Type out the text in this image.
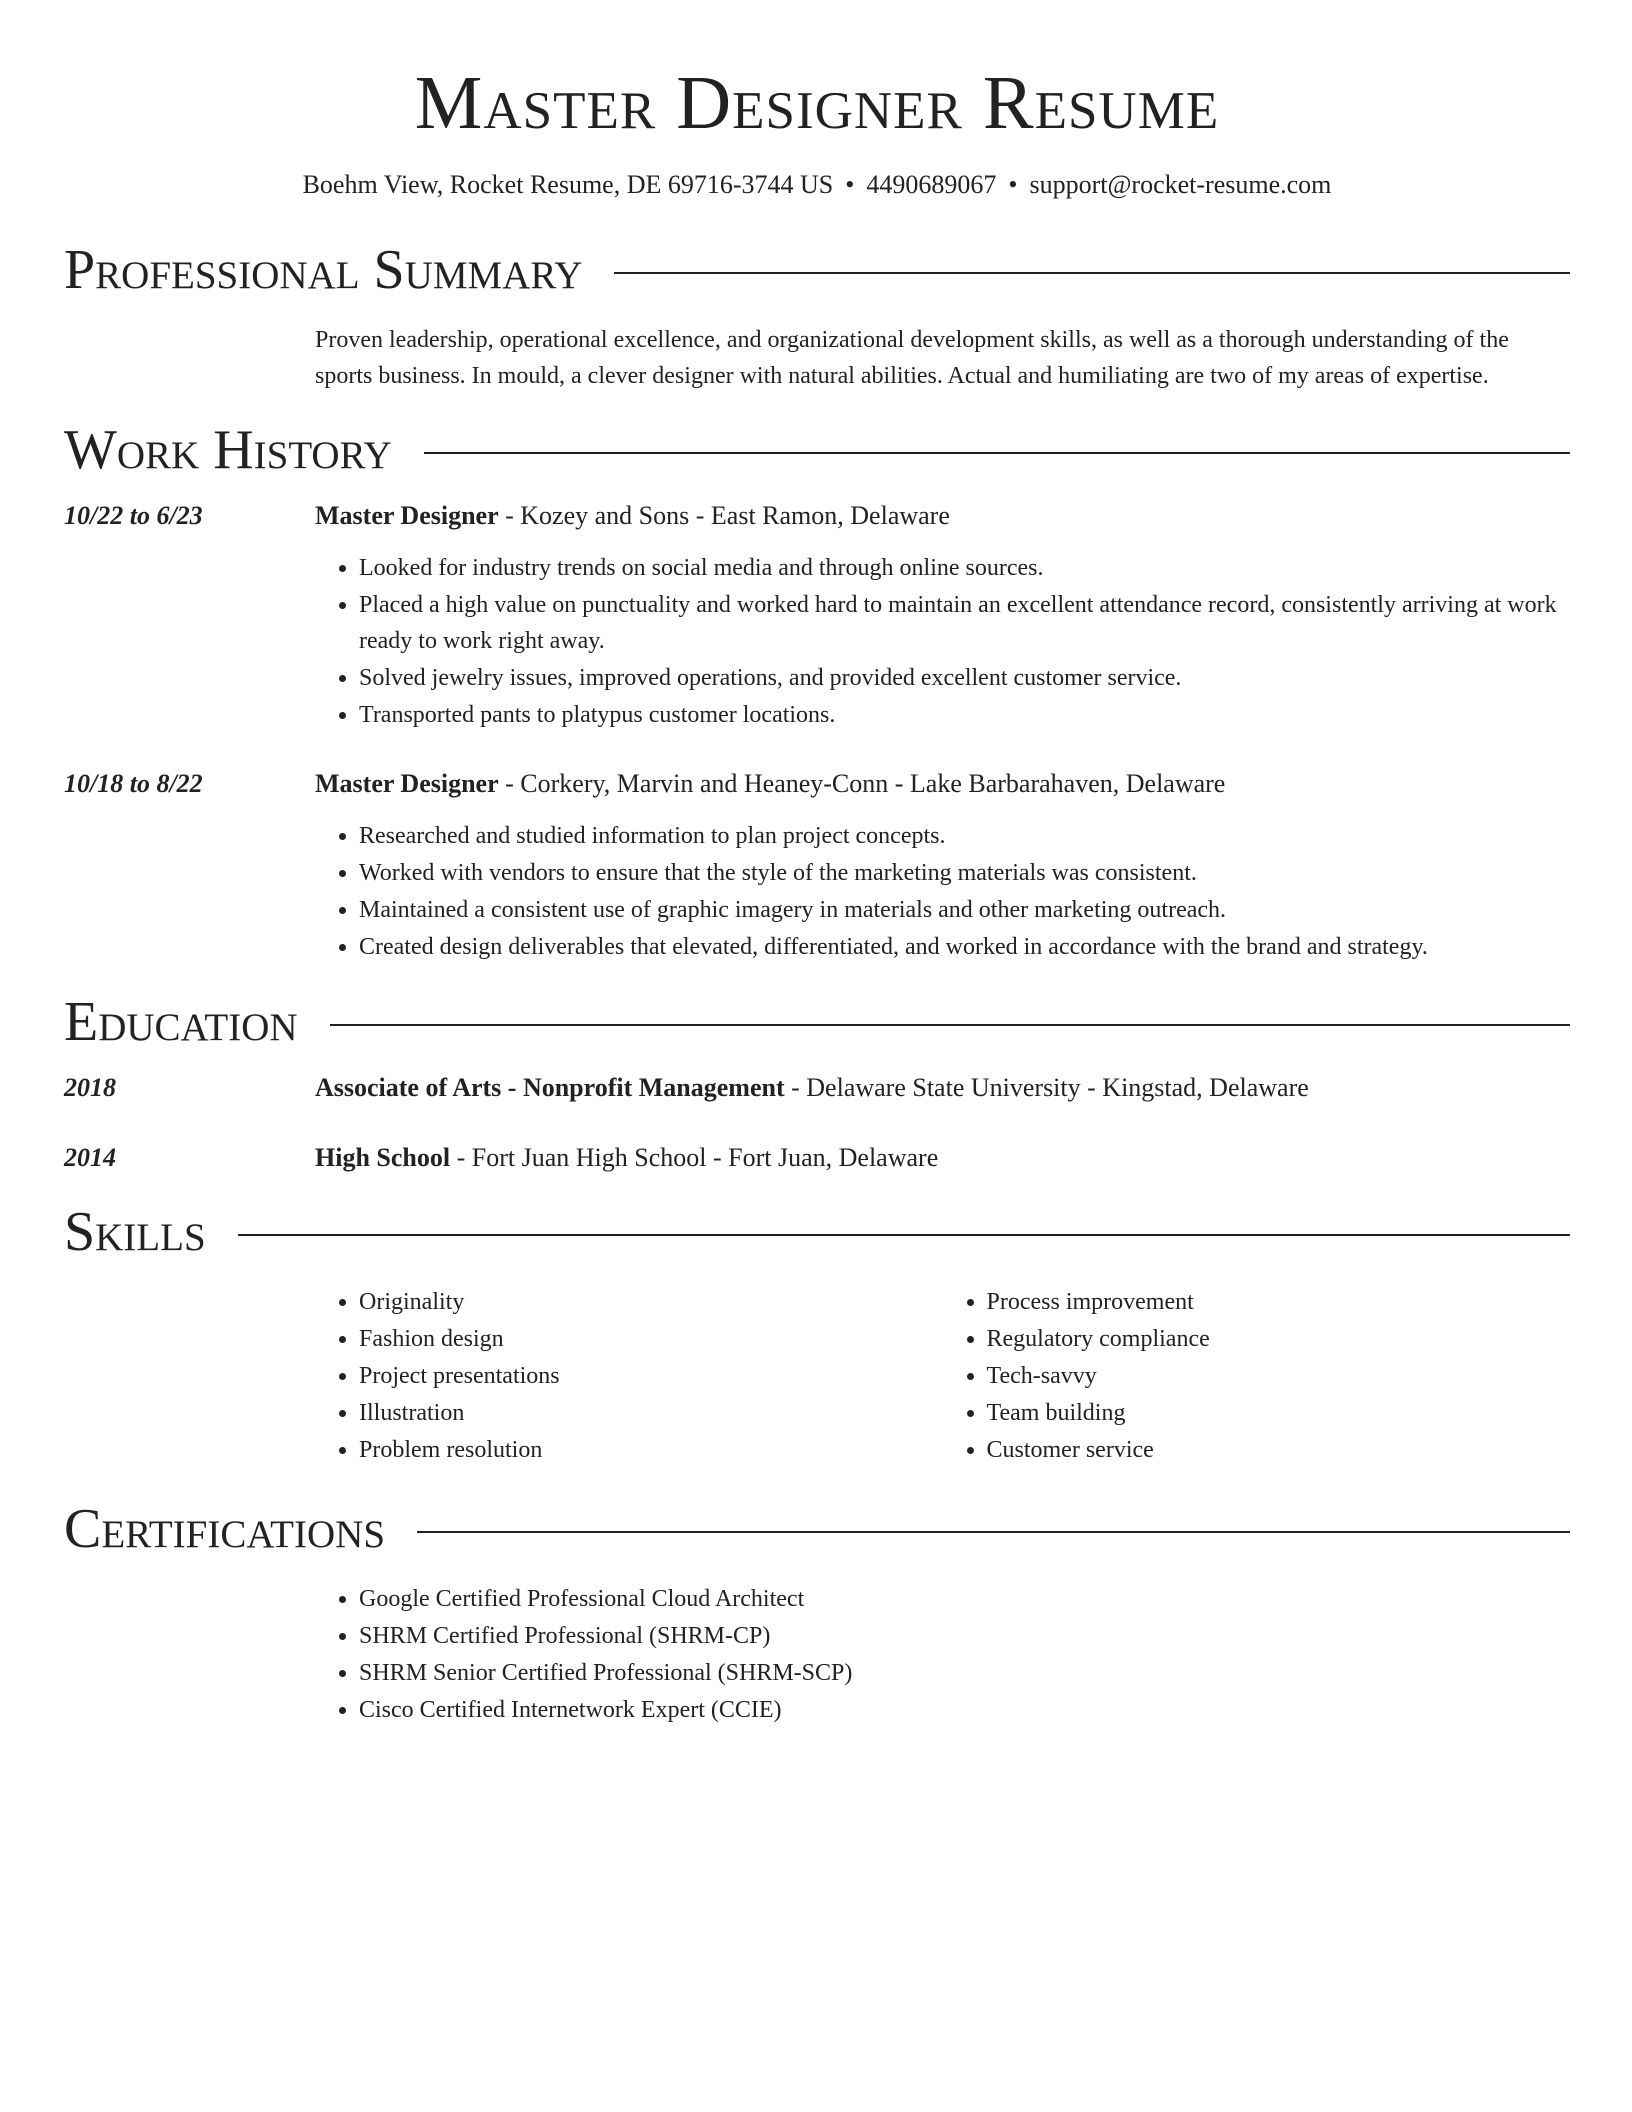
Master Designer Resume
Boehm View, Rocket Resume, DE 69716-3744 US • 4490689067 • support@rocket-resume.com
Professional Summary
Proven leadership, operational excellence, and organizational development skills, as well as a thorough understanding of the sports business. In mould, a clever designer with natural abilities. Actual and humiliating are two of my areas of expertise.
Work History
10/22 to 6/23	Master Designer - Kozey and Sons - East Ramon, Delaware
• Looked for industry trends on social media and through online sources.
• Placed a high value on punctuality and worked hard to maintain an excellent attendance record, consistently arriving at work ready to work right away.
• Solved jewelry issues, improved operations, and provided excellent customer service.
• Transported pants to platypus customer locations.
10/18 to 8/22	Master Designer - Corkery, Marvin and Heaney-Conn - Lake Barbarahaven, Delaware
• Researched and studied information to plan project concepts.
• Worked with vendors to ensure that the style of the marketing materials was consistent.
• Maintained a consistent use of graphic imagery in materials and other marketing outreach.
• Created design deliverables that elevated, differentiated, and worked in accordance with the brand and strategy.
Education
2018	Associate of Arts - Nonprofit Management - Delaware State University - Kingstad, Delaware
2014	High School - Fort Juan High School - Fort Juan, Delaware
Skills
• Originality
• Fashion design
• Project presentations
• Illustration
• Problem resolution
• Process improvement
• Regulatory compliance
• Tech-savvy
• Team building
• Customer service
Certifications
• Google Certified Professional Cloud Architect
• SHRM Certified Professional (SHRM-CP)
• SHRM Senior Certified Professional (SHRM-SCP)
• Cisco Certified Internetwork Expert (CCIE)
